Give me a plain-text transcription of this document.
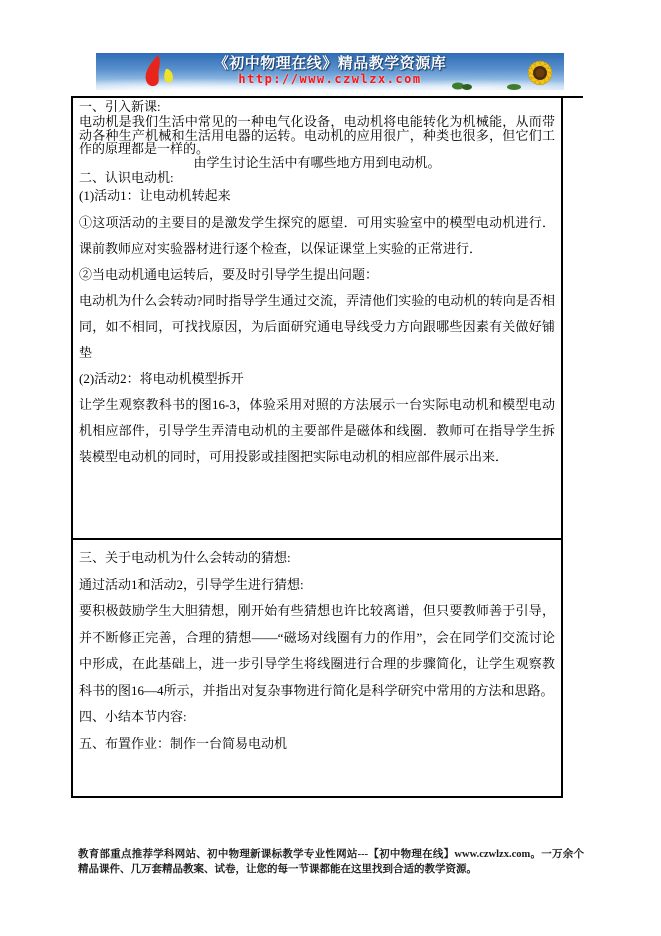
《初中物理在线》精品教学资源库
http://www.czwlzx.com

一、引入新课:

电动机是我们生活中常见的一种电气化设备，电动机将电能转化为机械能，从而带动各种生产机械和生活用电器的运转。电动机的应用很广，种类也很多，但它们工作的原理都是一样的。

由学生讨论生活中有哪些地方用到电动机。

二、认识电动机:

(1)活动1：让电动机转起来

①这项活动的主要目的是激发学生探究的愿望．可用实验室中的模型电动机进行．课前教师应对实验器材进行逐个检查，以保证课堂上实验的正常进行．

②当电动机通电运转后，要及时引导学生提出问题：

电动机为什么会转动?同时指导学生通过交流，弄清他们实验的电动机的转向是否相同，如不相同，可找找原因，为后面研究通电导线受力方向跟哪些因素有关做好铺垫

(2)活动2：将电动机模型拆开

让学生观察教科书的图16-3，体验采用对照的方法展示一台实际电动机和模型电动机相应部件，引导学生弄清电动机的主要部件是磁体和线圈．教师可在指导学生拆装模型电动机的同时，可用投影或挂图把实际电动机的相应部件展示出来．

三、关于电动机为什么会转动的猜想:

通过活动1和活动2，引导学生进行猜想:

要积极鼓励学生大胆猜想，刚开始有些猜想也许比较离谱，但只要教师善于引导，并不断修正完善，合理的猜想——“磁场对线圈有力的作用”，会在同学们交流讨论中形成，在此基础上，进一步引导学生将线圈进行合理的步骤简化，让学生观察教科书的图16—4所示，并指出对复杂事物进行简化是科学研究中常用的方法和思路。

四、小结本节内容:

五、布置作业：制作一台简易电动机

教育部重点推荐学科网站、初中物理新课标教学专业性网站---【初中物理在线】www.czwlzx.com。一万余个精品课件、几万套精品教案、试卷，让您的每一节课都能在这里找到合适的教学资源。
